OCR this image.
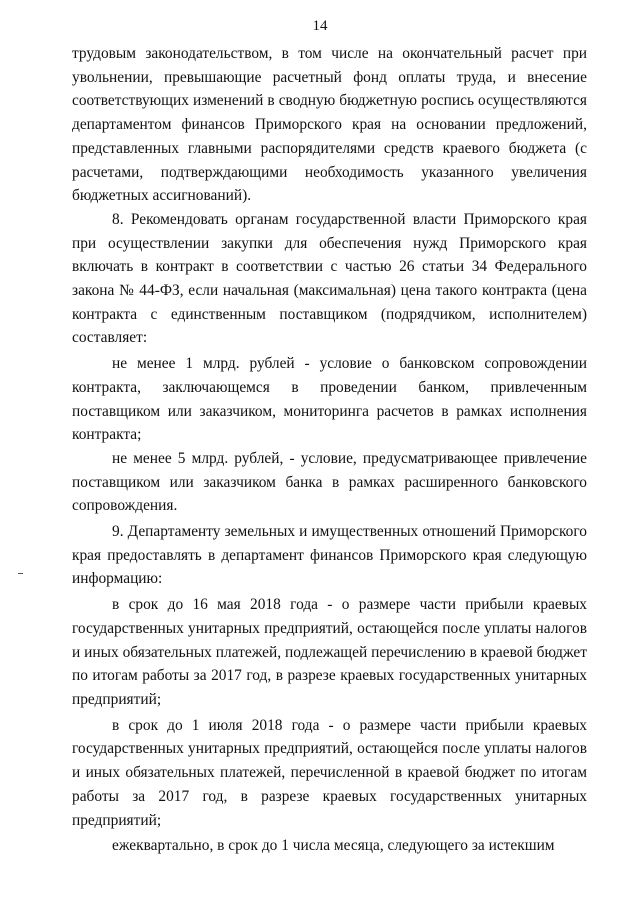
14

трудовым законодательством, в том числе на окончательный расчет при увольнении, превышающие расчетный фонд оплаты труда, и внесение соответствующих изменений в сводную бюджетную роспись осуществляются департаментом финансов Приморского края на основании предложений, представленных главными распорядителями средств краевого бюджета (с расчетами, подтверждающими необходимость указанного увеличения бюджетных ассигнований).

8. Рекомендовать органам государственной власти Приморского края при осуществлении закупки для обеспечения нужд Приморского края включать в контракт в соответствии с частью 26 статьи 34 Федерального закона № 44-ФЗ, если начальная (максимальная) цена такого контракта (цена контракта с единственным поставщиком (подрядчиком, исполнителем) составляет:

не менее 1 млрд. рублей - условие о банковском сопровождении контракта, заключающемся в проведении банком, привлеченным поставщиком или заказчиком, мониторинга расчетов в рамках исполнения контракта;

не менее 5 млрд. рублей, - условие, предусматривающее привлечение поставщиком или заказчиком банка в рамках расширенного банковского сопровождения.

9. Департаменту земельных и имущественных отношений Приморского края предоставлять в департамент финансов Приморского края следующую информацию:

в срок до 16 мая 2018 года - о размере части прибыли краевых государственных унитарных предприятий, остающейся после уплаты налогов и иных обязательных платежей, подлежащей перечислению в краевой бюджет по итогам работы за 2017 год, в разрезе краевых государственных унитарных предприятий;

в срок до 1 июля 2018 года - о размере части прибыли краевых государственных унитарных предприятий, остающейся после уплаты налогов и иных обязательных платежей, перечисленной в краевой бюджет по итогам работы за 2017 год, в разрезе краевых государственных унитарных предприятий;

ежеквартально, в срок до 1 числа месяца, следующего за истекшим
